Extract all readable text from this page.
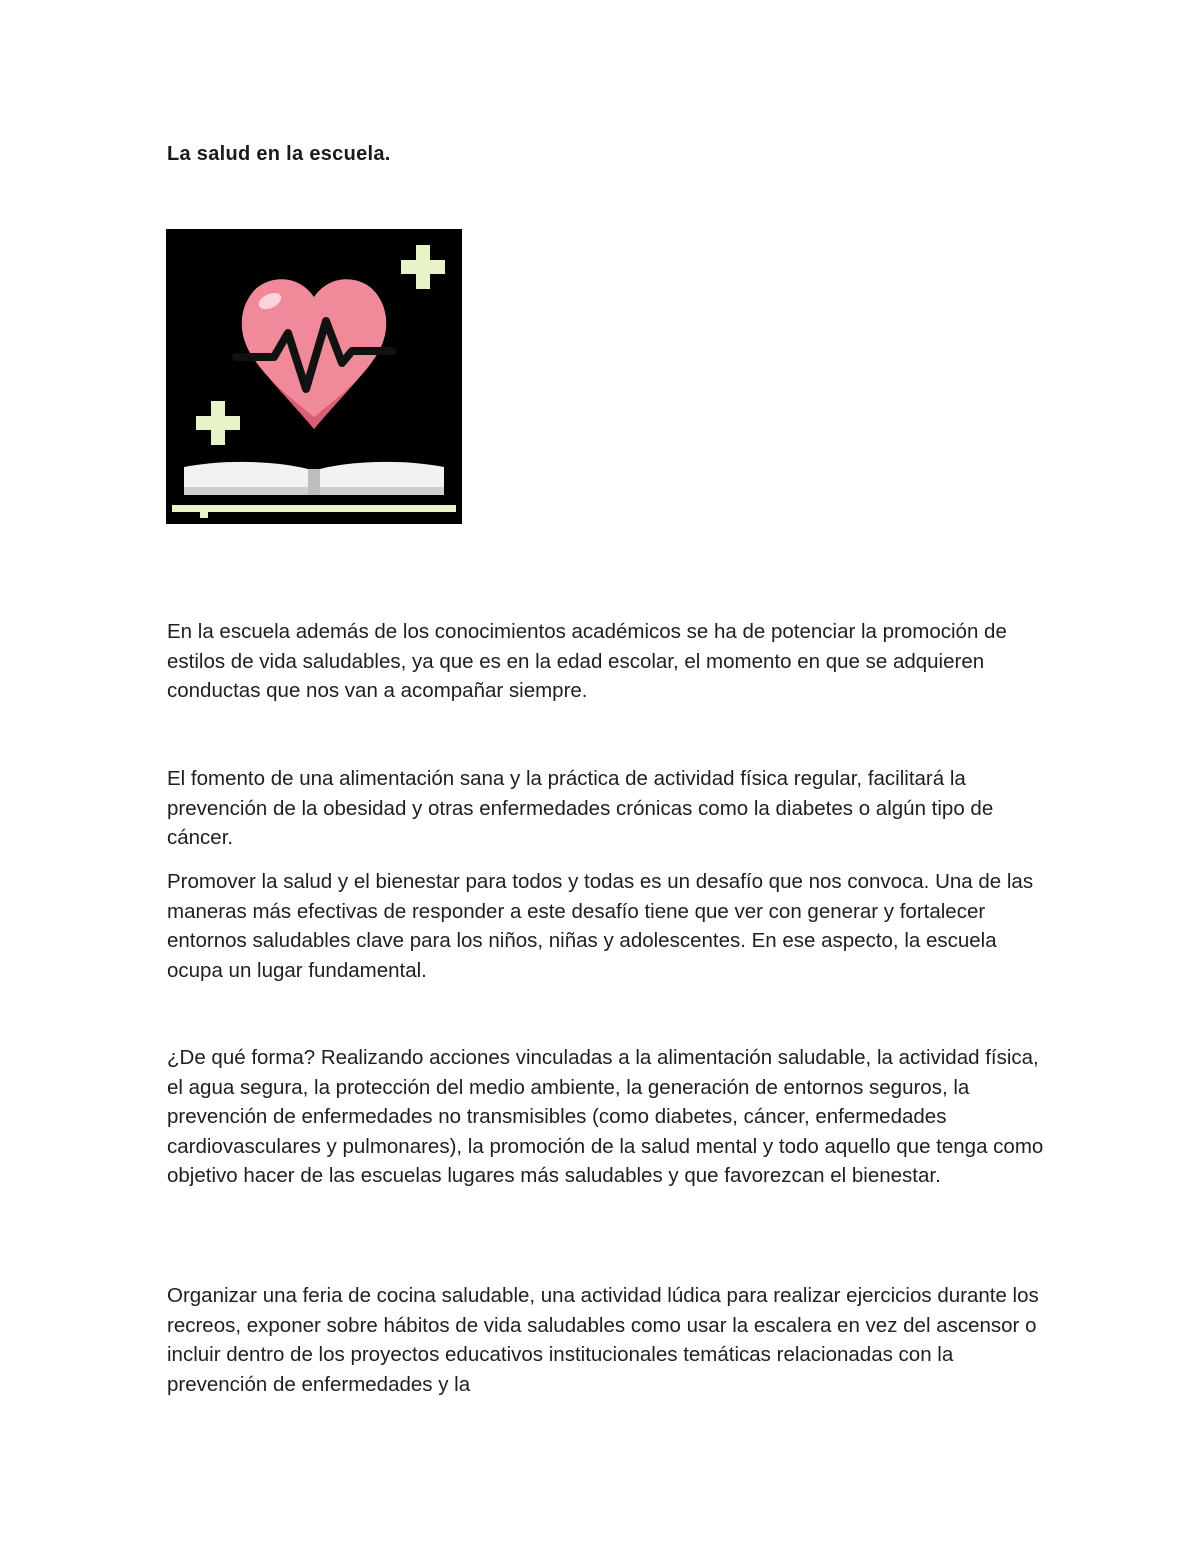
La salud en la escuela.

En la escuela además de los conocimientos académicos se ha de potenciar la promoción de estilos de vida saludables, ya que es en la edad escolar, el momento en que se adquieren conductas que nos van a acompañar siempre.

El fomento de una alimentación sana y la práctica de actividad física regular, facilitará la prevención de la obesidad y otras enfermedades crónicas como la diabetes o algún tipo de cáncer.

Promover la salud y el bienestar para todos y todas es un desafío que nos convoca. Una de las maneras más efectivas de responder a este desafío tiene que ver con generar y fortalecer entornos saludables clave para los niños, niñas y adolescentes. En ese aspecto, la escuela ocupa un lugar fundamental.

¿De qué forma? Realizando acciones vinculadas a la alimentación saludable, la actividad física, el agua segura, la protección del medio ambiente, la generación de entornos seguros, la prevención de enfermedades no transmisibles (como diabetes, cáncer, enfermedades cardiovasculares y pulmonares), la promoción de la salud mental y todo aquello que tenga como objetivo hacer de las escuelas lugares más saludables y que favorezcan el bienestar.

Organizar una feria de cocina saludable, una actividad lúdica para realizar ejercicios durante los recreos, exponer sobre hábitos de vida saludables como usar la escalera en vez del ascensor o incluir dentro de los proyectos educativos institucionales temáticas relacionadas con la prevención de enfermedades y la
